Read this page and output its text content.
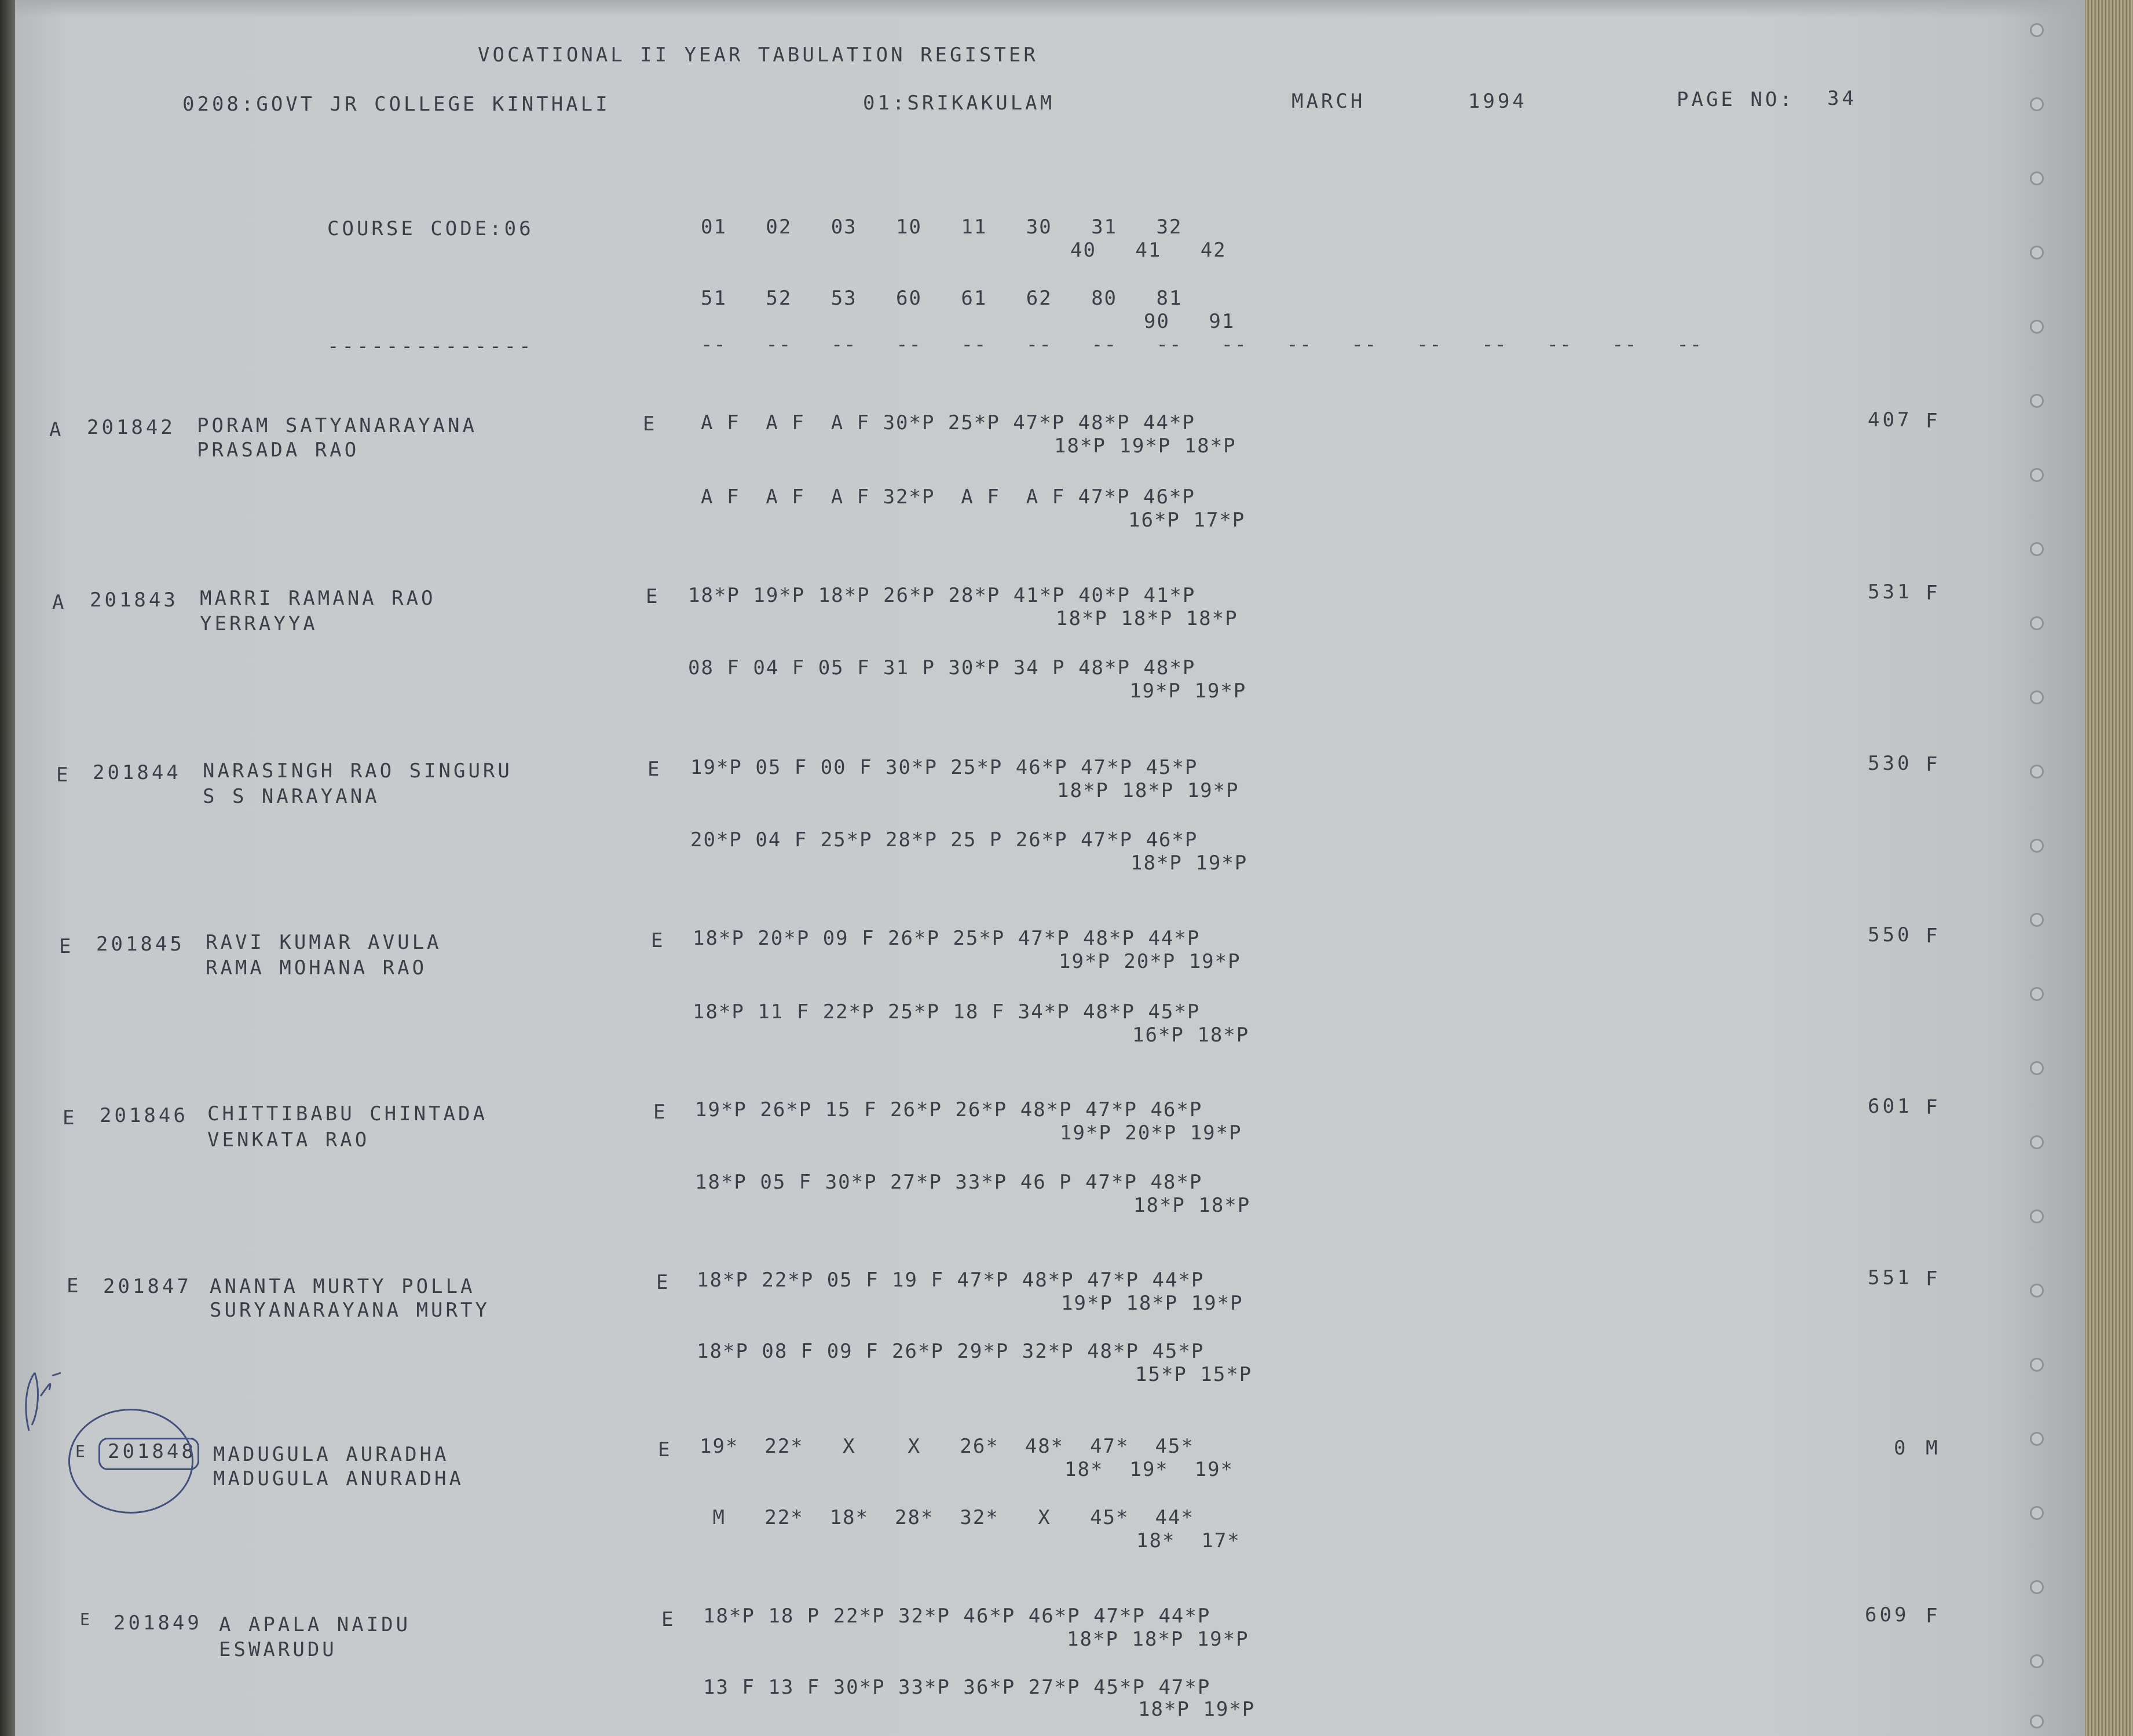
VOCATIONAL II YEAR TABULATION REGISTER
0208:GOVT JR COLLEGE KINTHALI	01:SRIKAKULAM	MARCH	1994	PAGE NO: 34
COURSE CODE:06	01   02   03   10   11   30   31   32
40   41   42
51   52   53   60   61   62   80   81
90   91
--------------	--   --   --   --   --   --   --   --   --   --   --   --   --   --   --   --
A 201842 PORAM SATYANARAYANA
PRASADA RAO
E A F  A F  A F 30*P 25*P 47*P 48*P 44*P
18*P 19*P 18*P
A F  A F  A F 32*P  A F  A F 47*P 46*P
16*P 17*P
407 F
A 201843 MARRI RAMANA RAO
YERRAYYA
E 18*P 19*P 18*P 26*P 28*P 41*P 40*P 41*P
18*P 18*P 18*P
08 F 04 F 05 F 31 P 30*P 34 P 48*P 48*P
19*P 19*P
531 F
E 201844 NARASINGH RAO SINGURU
S S NARAYANA
E 19*P 05 F 00 F 30*P 25*P 46*P 47*P 45*P
18*P 18*P 19*P
20*P 04 F 25*P 28*P 25 P 26*P 47*P 46*P
18*P 19*P
530 F
E 201845 RAVI KUMAR AVULA
RAMA MOHANA RAO
E 18*P 20*P 09 F 26*P 25*P 47*P 48*P 44*P
19*P 20*P 19*P
18*P 11 F 22*P 25*P 18 F 34*P 48*P 45*P
16*P 18*P
550 F
E 201846 CHITTIBABU CHINTADA
VENKATA RAO
E 19*P 26*P 15 F 26*P 26*P 48*P 47*P 46*P
19*P 20*P 19*P
18*P 05 F 30*P 27*P 33*P 46 P 47*P 48*P
18*P 18*P
601 F
E 201847 ANANTA MURTY POLLA
SURYANARAYANA MURTY
E 18*P 22*P 05 F 19 F 47*P 48*P 47*P 44*P
19*P 18*P 19*P
18*P 08 F 09 F 26*P 29*P 32*P 48*P 45*P
15*P 15*P
551 F
E 201848 MADUGULA AURADHA
MADUGULA ANURADHA
E 19*  22*   X    X   26*  48*  47*  45*
18*  19*  19*
M   22*  18*  28*  32*   X   45*  44*
18*  17*
0 M
E 201849 A APALA NAIDU
ESWARUDU
E 18*P 18 P 22*P 32*P 46*P 46*P 47*P 44*P
18*P 18*P 19*P
13 F 13 F 30*P 33*P 36*P 27*P 45*P 47*P
18*P 19*P
609 F
